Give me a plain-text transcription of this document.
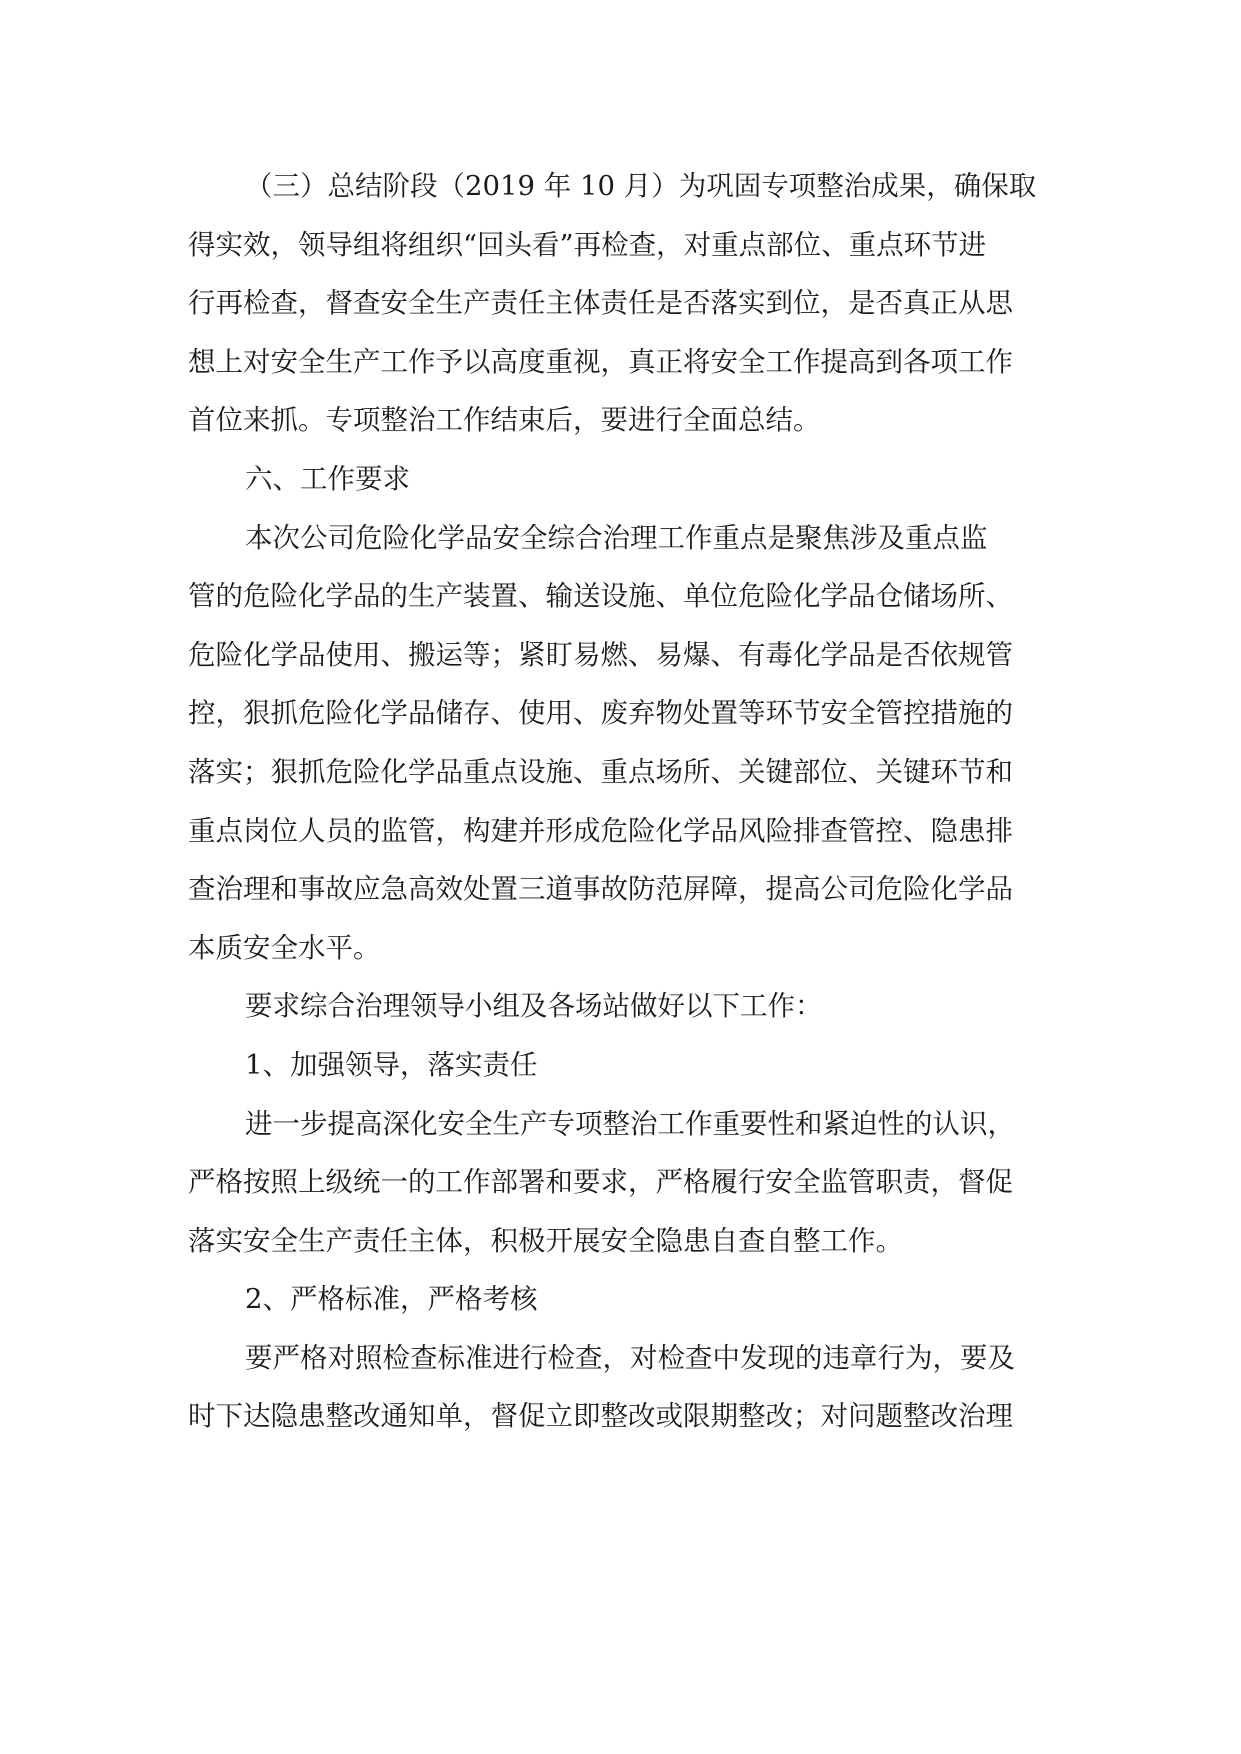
（三）总结阶段（2019 年 10 月）为巩固专项整治成果，确保取
得实效，领导组将组织“回头看”再检查，对重点部位、重点环节进
行再检查，督查安全生产责任主体责任是否落实到位，是否真正从思
想上对安全生产工作予以高度重视，真正将安全工作提高到各项工作
首位来抓。专项整治工作结束后，要进行全面总结。
六、工作要求
本次公司危险化学品安全综合治理工作重点是聚焦涉及重点监
管的危险化学品的生产装置、输送设施、单位危险化学品仓储场所、
危险化学品使用、搬运等；紧盯易燃、易爆、有毒化学品是否依规管
控，狠抓危险化学品储存、使用、废弃物处置等环节安全管控措施的
落实；狠抓危险化学品重点设施、重点场所、关键部位、关键环节和
重点岗位人员的监管，构建并形成危险化学品风险排查管控、隐患排
查治理和事故应急高效处置三道事故防范屏障，提高公司危险化学品
本质安全水平。
要求综合治理领导小组及各场站做好以下工作：
1、加强领导，落实责任
进一步提高深化安全生产专项整治工作重要性和紧迫性的认识，
严格按照上级统一的工作部署和要求，严格履行安全监管职责，督促
落实安全生产责任主体，积极开展安全隐患自查自整工作。
2、严格标准，严格考核
要严格对照检查标准进行检查，对检查中发现的违章行为，要及
时下达隐患整改通知单，督促立即整改或限期整改；对问题整改治理
